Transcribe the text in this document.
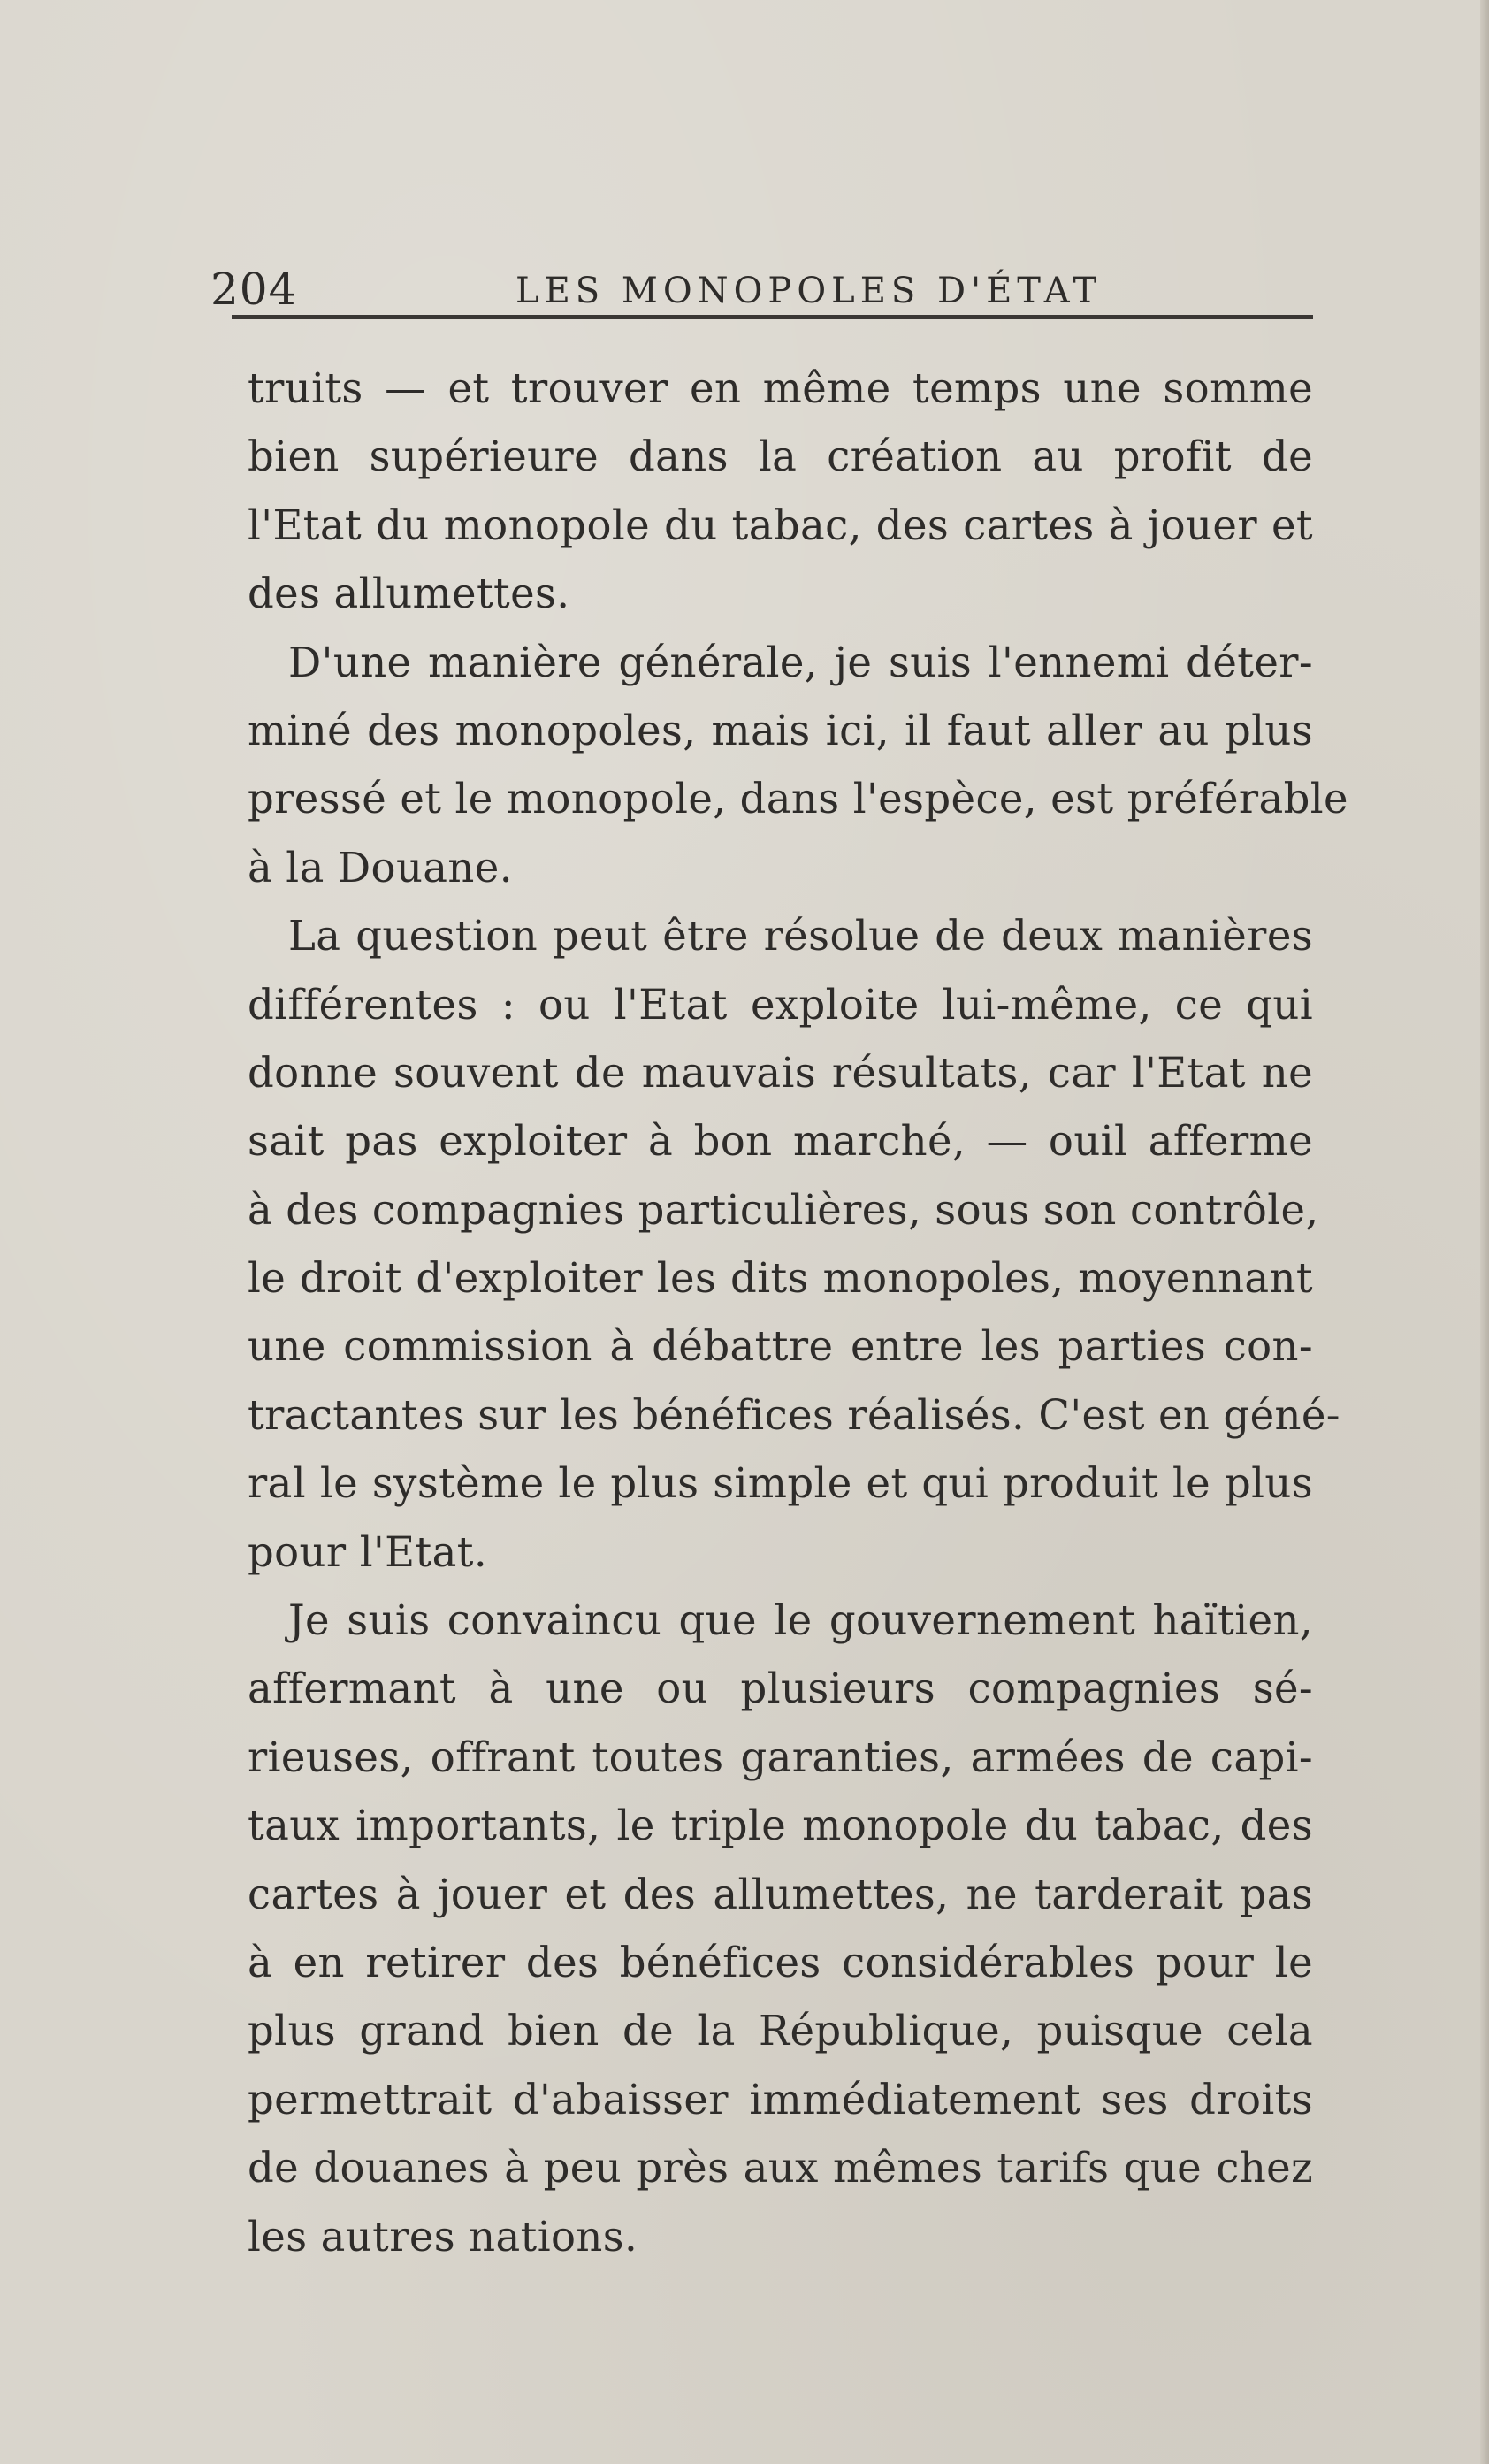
204	LES MONOPOLES D'ÉTAT
truits — et trouver en même temps une somme
bien supérieure dans la création au profit de
l'Etat du monopole du tabac, des cartes à jouer et
des allumettes.
D'une manière générale, je suis l'ennemi déter-
miné des monopoles, mais ici, il faut aller au plus
pressé et le monopole, dans l'espèce, est préférable
à la Douane.
La question peut être résolue de deux manières
différentes : ou l'Etat exploite lui-même, ce qui
donne souvent de mauvais résultats, car l'Etat ne
sait pas exploiter à bon marché, — ouil afferme
à des compagnies particulières, sous son contrôle,
le droit d'exploiter les dits monopoles, moyennant
une commission à débattre entre les parties con-
tractantes sur les bénéfices réalisés. C'est en géné-
ral le système le plus simple et qui produit le plus
pour l'Etat.
Je suis convaincu que le gouvernement haïtien,
affermant à une ou plusieurs compagnies sé-
rieuses, offrant toutes garanties, armées de capi-
taux importants, le triple monopole du tabac, des
cartes à jouer et des allumettes, ne tarderait pas
à en retirer des bénéfices considérables pour le
plus grand bien de la République, puisque cela
permettrait d'abaisser immédiatement ses droits
de douanes à peu près aux mêmes tarifs que chez
les autres nations.
